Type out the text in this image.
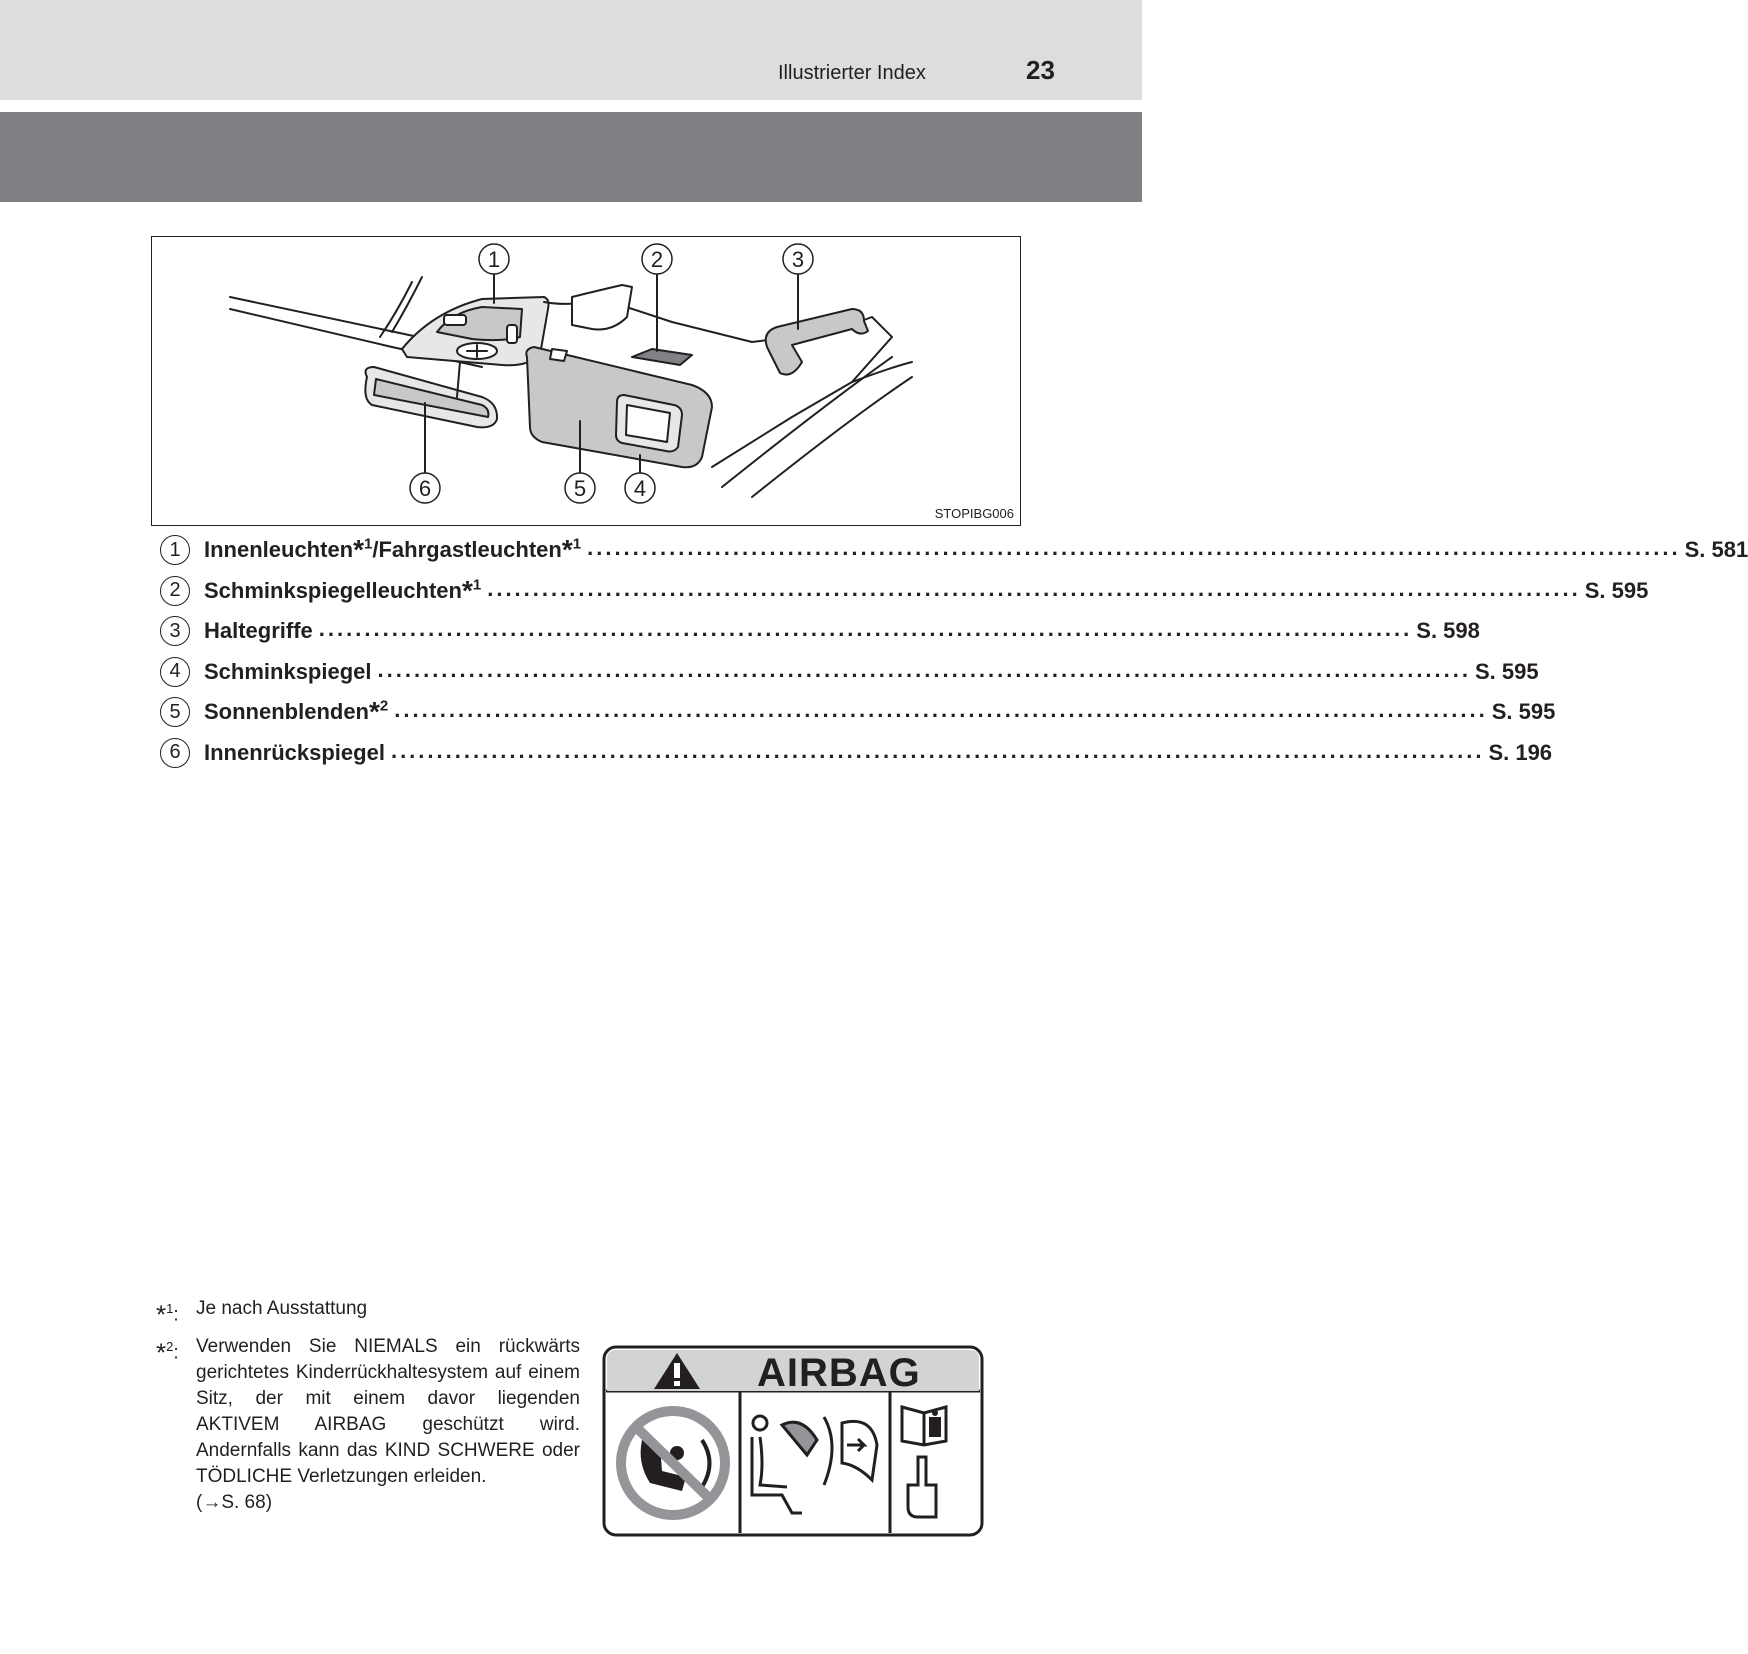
Illustrierter Index	23
1	2	3
4
5
6
STOPIBG006
1	Innenleuchten*$^1$/Fahrgastleuchten*$^1$ ........................................................................................................................ S. 581
2	Schminkspiegelleuchten*$^1$ ........................................................................................................................ S. 595
3	Haltegriffe ........................................................................................................................ S. 598
4	Schminkspiegel ........................................................................................................................ S. 595
5	Sonnenblenden*$^2$ ........................................................................................................................ S. 595
6	Innenrückspiegel ........................................................................................................................ S. 196
*$^1$: Je nach Ausstattung
*$^2$: Verwenden Sie NIEMALS ein rückwärts gerichtetes Kinderrückhaltesystem auf einem Sitz, der mit einem davor liegenden AKTIVEM AIRBAG geschützt wird. Andernfalls kann das KIND SCHWERE oder TÖDLICHE Verletzungen erleiden.
(→S. 68)
AIRBAG
